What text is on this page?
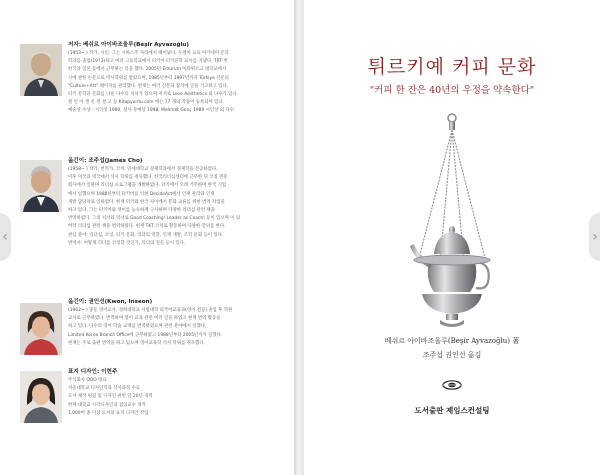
‹
저자: 베쉬르 아이바조울루(Beşir Ayvazoğlu)
(1953~ ) 작가, 시인. 그는 시바스주 자라에서 태어났다. 우첼차 교육 아카데미 문학
학과를 졸업(1973)하고 여러 고등학교에서 터키어·터키문학 교사를 지냈다. TRT 천
한국과 일본 등에서 근무하는 일을 했다. 2005년 Erzurum 아타튀르크 대학교에서
시에 관한 논문으로 박사학위를 받았으며, 1985년부터 1997년까지 Türkiye 신문의
"Culture+Art" 페이지를 관리했다. 현재는 여러 신문과 잡지에 글을 기고하고 있다.
터키 문학과 문화를 다룬 다수의 저서가 있으며 저서로 Love Aesthetics 외 다수가 있다.
원 인 이 생 신 정 설 고 등 Kitapyurdu.com 에는 77 개의 작품이 등록되어 있다.
예술상 수상 - 시인상 1990, 설사 문예상 1998, Mehmet Genç 1989 시인상 외 다수.
옮긴이: 조주섭(James Cho)
(1958~ ) 작가, 번역가, 코치. 연세대학교 경제학과에서 경제학을 전공하였다.
이후 미국과 영국에서 석사 학위를 취득했다. 한국리더십센터에 근무한 뒤 코칭 전문
회사에서 일하며 리더십 프로그램을 개발하였다. 터키에서 오래 거주하며 한국 기업
에서 일했으며 1988년부터 터키어를 익혀 DecideAct에서 인재 관리와 인재
개발 담당자로 일하였다. 현재 터키와 한국 사이에서 문화 교류를 위한 번역 작업을
하고 있다. 그는 터키어와 영어를 능숙하게 구사하며 다양한 리더십 관련 책을
번역하였다. 그의 저서와 역서로 Good Coaching! Leader as Coach! 등이 있으며 이 외
여러 리더십 관련 책을 번역하였다. 현재 TKT 코치로 활동하며 다양한 강의를 한다.
관심 분야: 리더십, 코칭, 터키 문화, 리더의 역할, 인재 개발, 조직 문화 등이 있다.
번역서: 어떻게 리더를 코칭할 것인가, 리더의 질문 등이 있다.
옮긴이: 권인선(Kwon, Inseon)
(1962~ ) 중등 영어교사, 경희대학교 사범대학 외국어교육과(영어 전공) 졸업 후 학원
교사로 근무하였다. 번역하며 영어 교육 관련 여러 일을 하였고 현재 번역 활동을
하고 있다. 다수의 영어 학습 교재를 번역하였으며 관련 분야에서 일했다.
Limited Korea Branch Office에 근무하였고 1988년부터 2005년까지 일했다.
현재는 주로 출판 번역을 하고 있으며 영어교육학 석사 학위를 취득했다.
표지 디자인: 이현주
주식회사 OOO 대표
서울대학교 디자인학과 석사과정 수료
도서 제작 편집 및 디자인 관련 일 20년 경력
현재 대학교 시각디자인과 겸임교수 재직
1,000여 종 이상 도서의 표지 디자인 작업
튀르키예 커피 문화
"커피 한 잔은 40년의 우정을 약속한다"
베쉬르 아이바조울루(Beşir Ayvazoğlu) 著
조주섭 권인선 옮김
도서출판 제임스컨설팅
›
